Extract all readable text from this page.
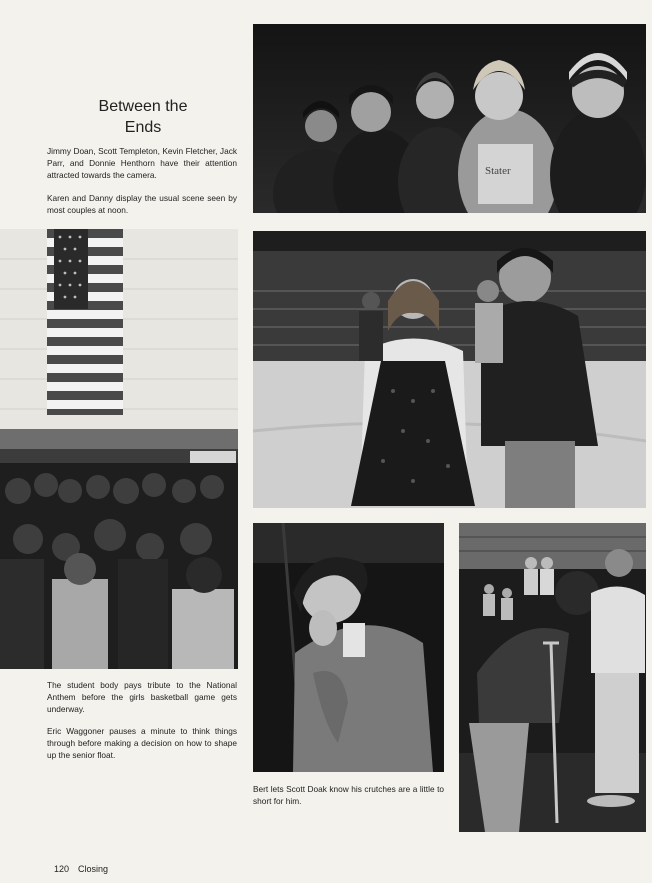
Between the
Ends

Jimmy Doan, Scott Templeton, Kevin Fletcher, Jack Parr, and Donnie Henthorn have their attention attracted towards the camera.

Karen and Danny display the usual scene seen by most couples at noon.

Stater

The student body pays tribute to the National Anthem before the girls basketball game gets underway.

Eric Waggoner pauses a minute to think things through before making a decision on how to shape up the senior float.

Bert lets Scott Doak know his crutches are a little to short for him.

120 Closing
